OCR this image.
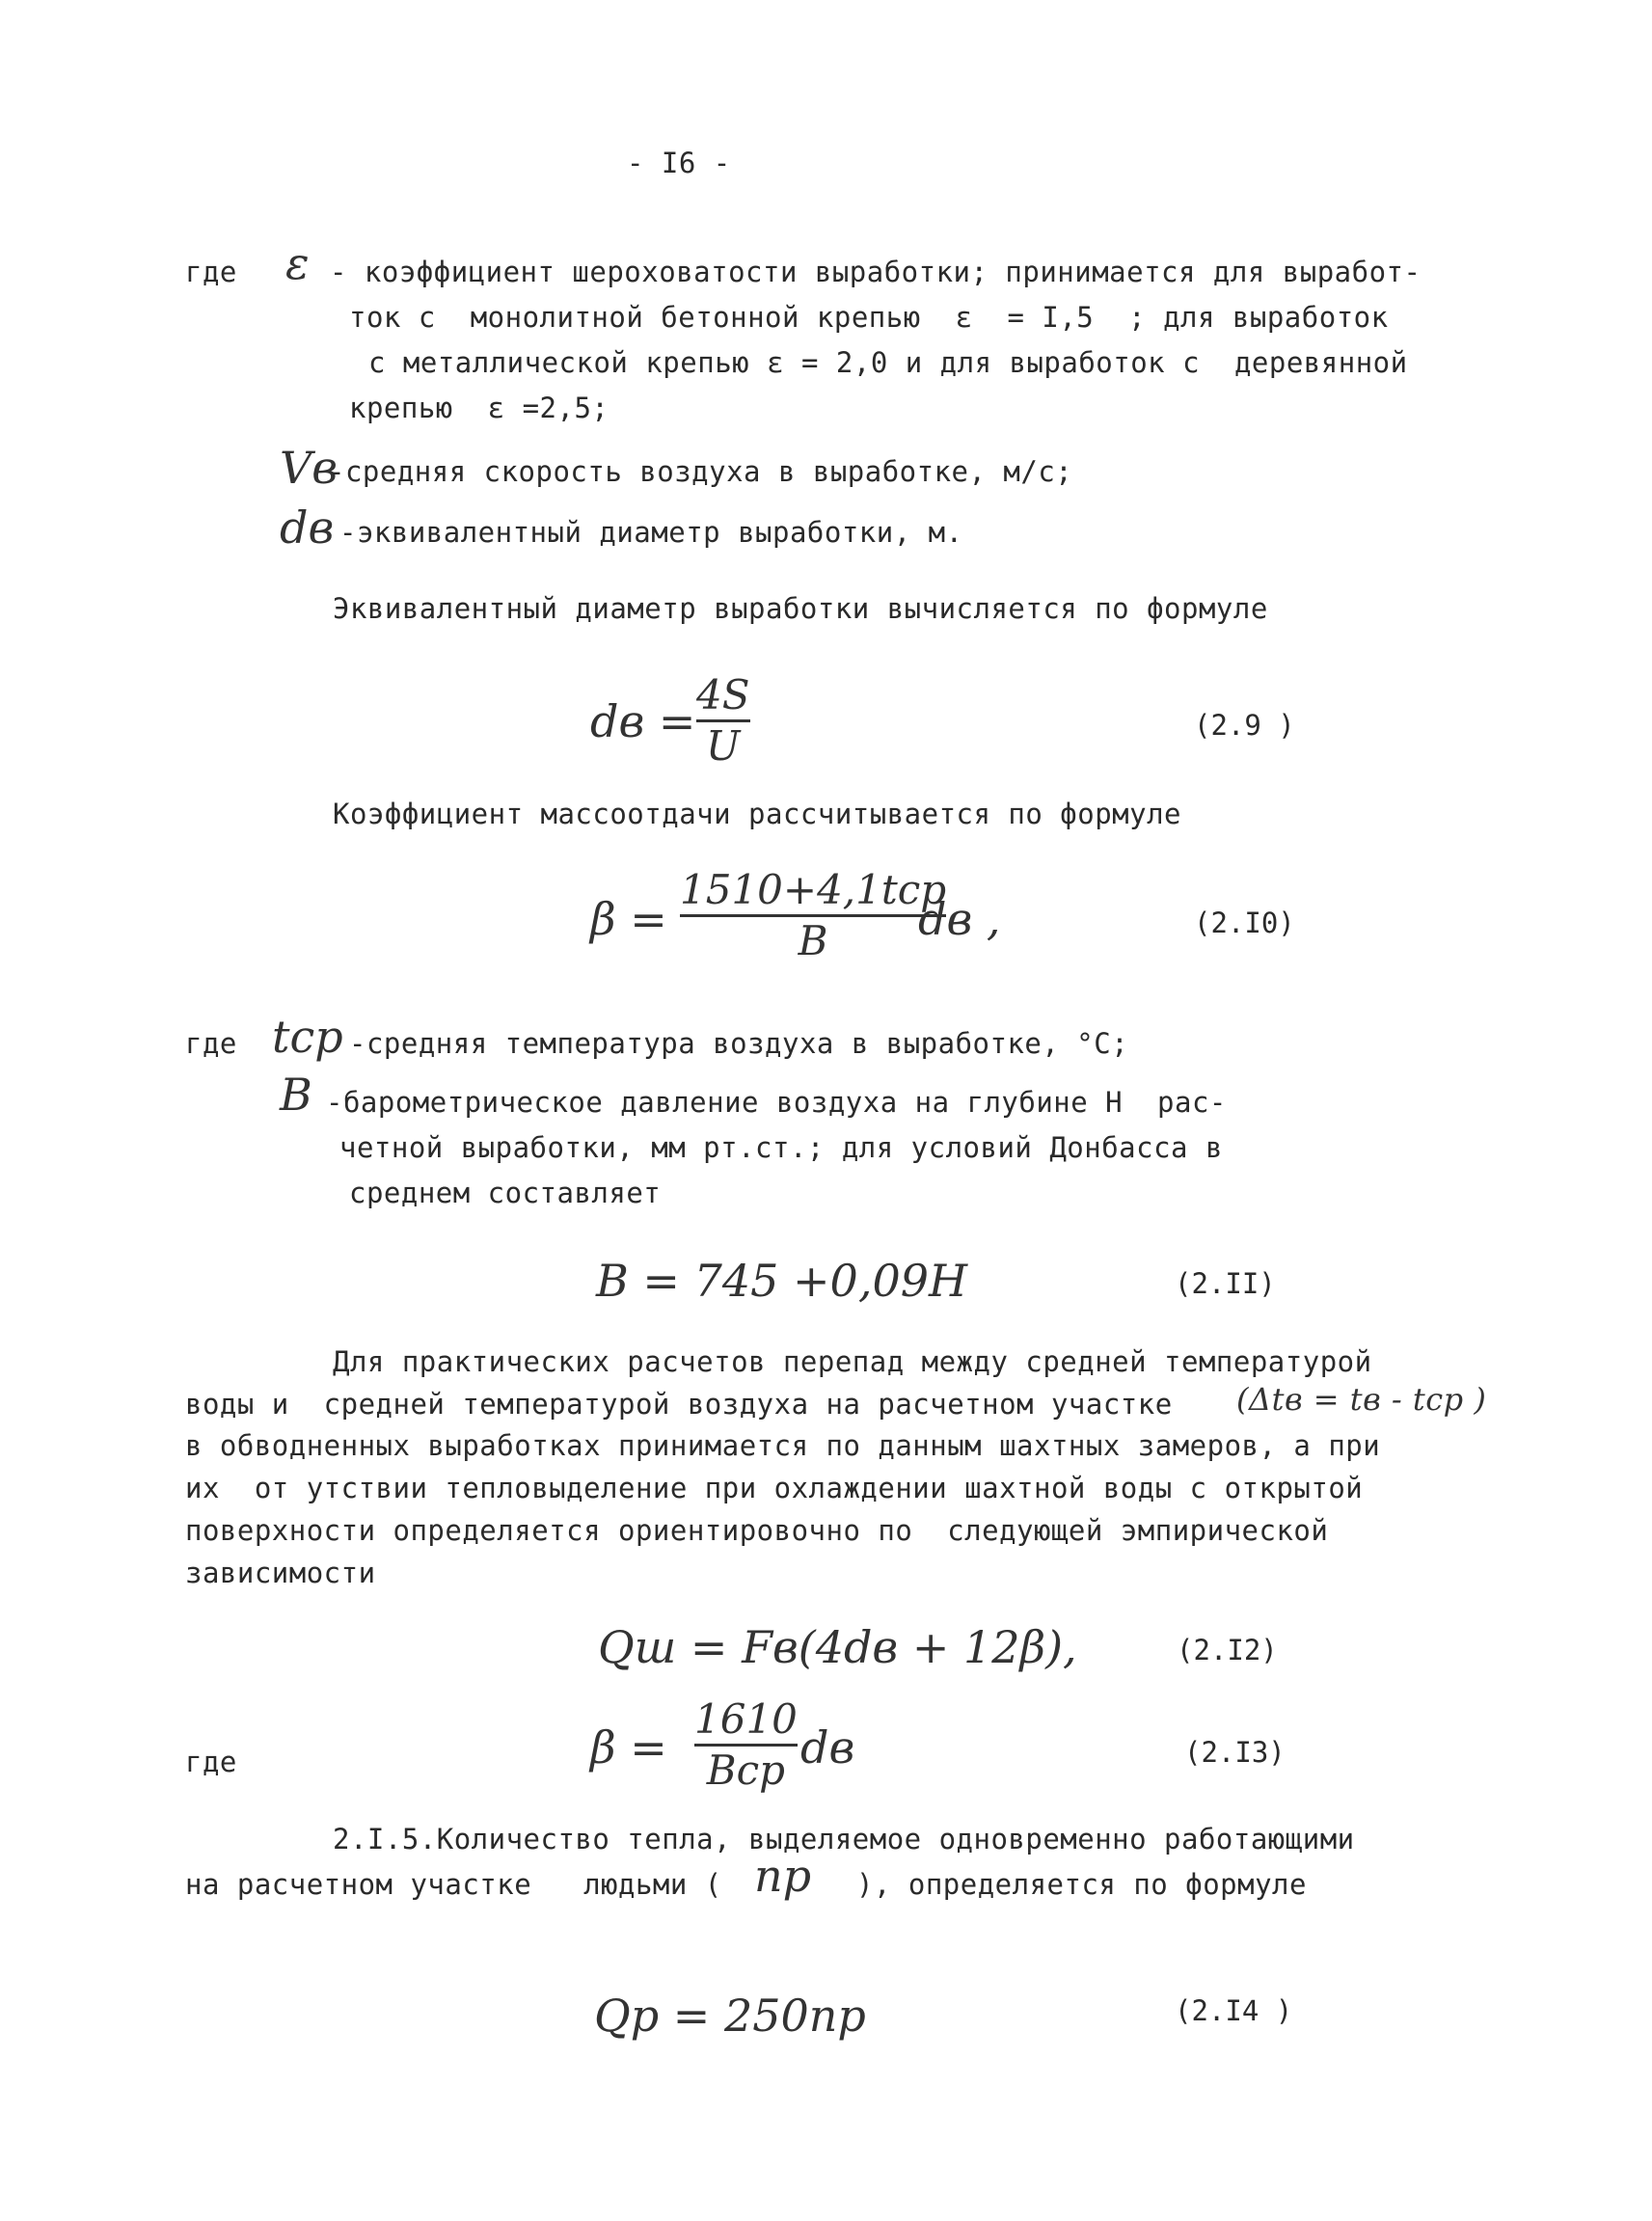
- I6 -
где ε - коэффициент шероховатости выработки; принимается для выработ-
ток с  монолитной бетонной крепью  ε  = I,5  ; для выработок
с металлической крепью ε = 2,0 и для выработок с  деревянной
крепью  ε =2,5;
Vв
-средняя скорость воздуха в выработке, м/с;
dв -эквивалентный диаметр выработки, м.
Эквивалентный диаметр выработки вычисляется по формуле
dв =
4S
U	(2.9 )
Коэффициент массоотдачи рассчитывается по формуле
β =
1510+4,1tср
B dв ,	(2.I0)
где tср -средняя температура воздуха в выработке, °С;
B -барометрическое давление воздуха на глубине Н  рас-
четной выработки, мм рт.ст.; для условий Донбасса в
среднем составляет
B = 745 +0,09H	(2.II)
Для практических расчетов перепад между средней температурой
воды и  средней температурой воздуха на расчетном участке (Δtв = tв - tср )
в обводненных выработках принимается по данным шахтных замеров, а при
их  от утствии тепловыделение при охлаждении шахтной воды с открытой
поверхности определяется ориентировочно по  следующей эмпирической
зависимости
Qш = Fв(4dв + 12β),	(2.I2)
где	β =
1610
Bср dв	(2.I3)
2.I.5.Количество тепла, выделяемое одновременно работающими
на расчетном участке   людьми ( nр ), определяется по формуле
Qр = 250nр	(2.I4 )
